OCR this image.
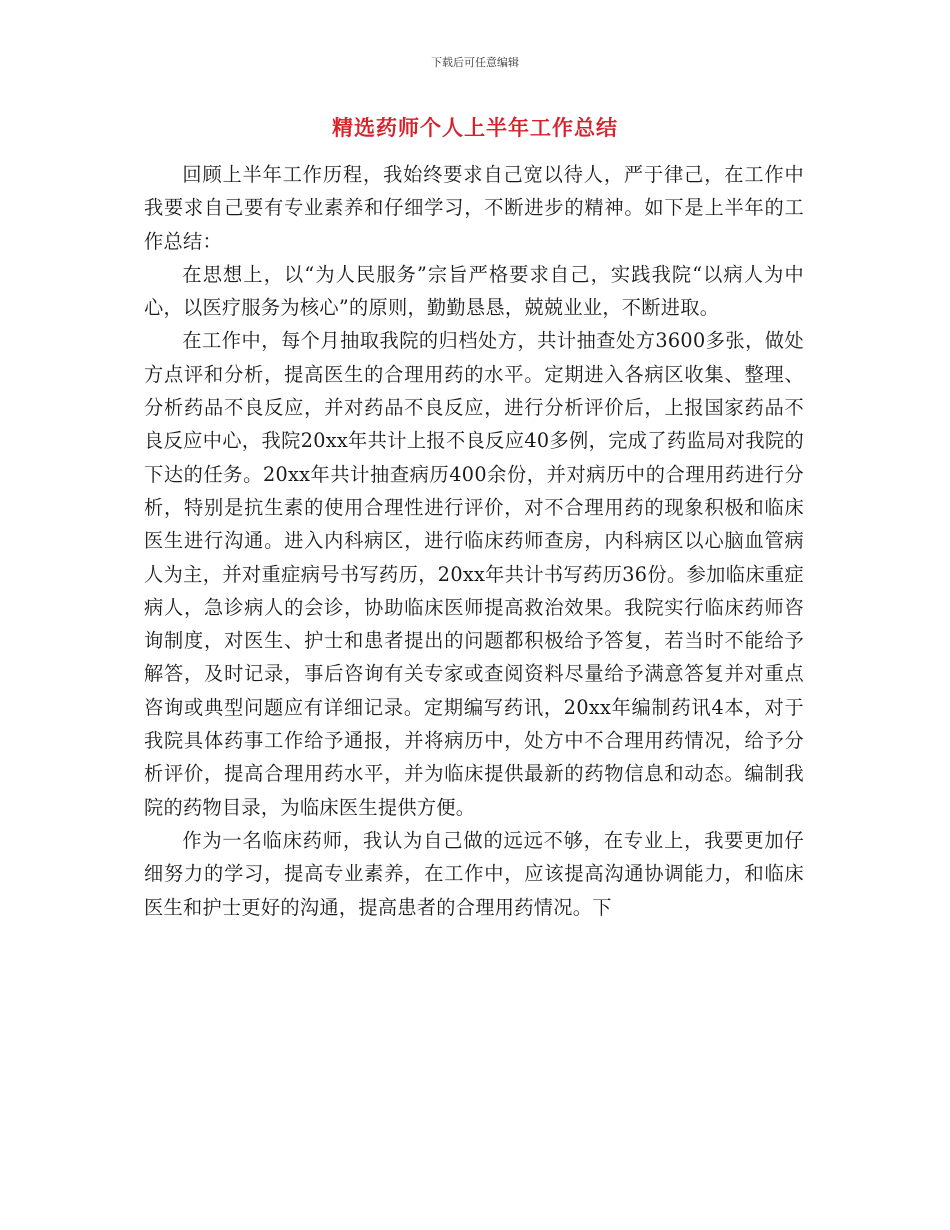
下载后可任意编辑
精选药师个人上半年工作总结

回顾上半年工作历程，我始终要求自己宽以待人，严于律己，在工作中我要求自己要有专业素养和仔细学习，不断进步的精神。如下是上半年的工作总结：

在思想上，以“为人民服务”宗旨严格要求自己，实践我院“以病人为中心，以医疗服务为核心”的原则，勤勤恳恳，兢兢业业，不断进取。

在工作中，每个月抽取我院的归档处方，共计抽查处方3600多张，做处方点评和分析，提高医生的合理用药的水平。定期进入各病区收集、整理、分析药品不良反应，并对药品不良反应，进行分析评价后，上报国家药品不良反应中心，我院20xx年共计上报不良反应40多例，完成了药监局对我院的下达的任务。20xx年共计抽查病历400余份，并对病历中的合理用药进行分析，特别是抗生素的使用合理性进行评价，对不合理用药的现象积极和临床医生进行沟通。进入内科病区，进行临床药师查房，内科病区以心脑血管病人为主，并对重症病号书写药历，20xx年共计书写药历36份。参加临床重症病人，急诊病人的会诊，协助临床医师提高救治效果。我院实行临床药师咨询制度，对医生、护士和患者提出的问题都积极给予答复，若当时不能给予解答，及时记录，事后咨询有关专家或查阅资料尽量给予满意答复并对重点咨询或典型问题应有详细记录。定期编写药讯，20xx年编制药讯4本，对于我院具体药事工作给予通报，并将病历中，处方中不合理用药情况，给予分析评价，提高合理用药水平，并为临床提供最新的药物信息和动态。编制我院的药物目录，为临床医生提供方便。

作为一名临床药师，我认为自己做的远远不够，在专业上，我要更加仔细努力的学习，提高专业素养，在工作中，应该提高沟通协调能力，和临床医生和护士更好的沟通，提高患者的合理用药情况。下
